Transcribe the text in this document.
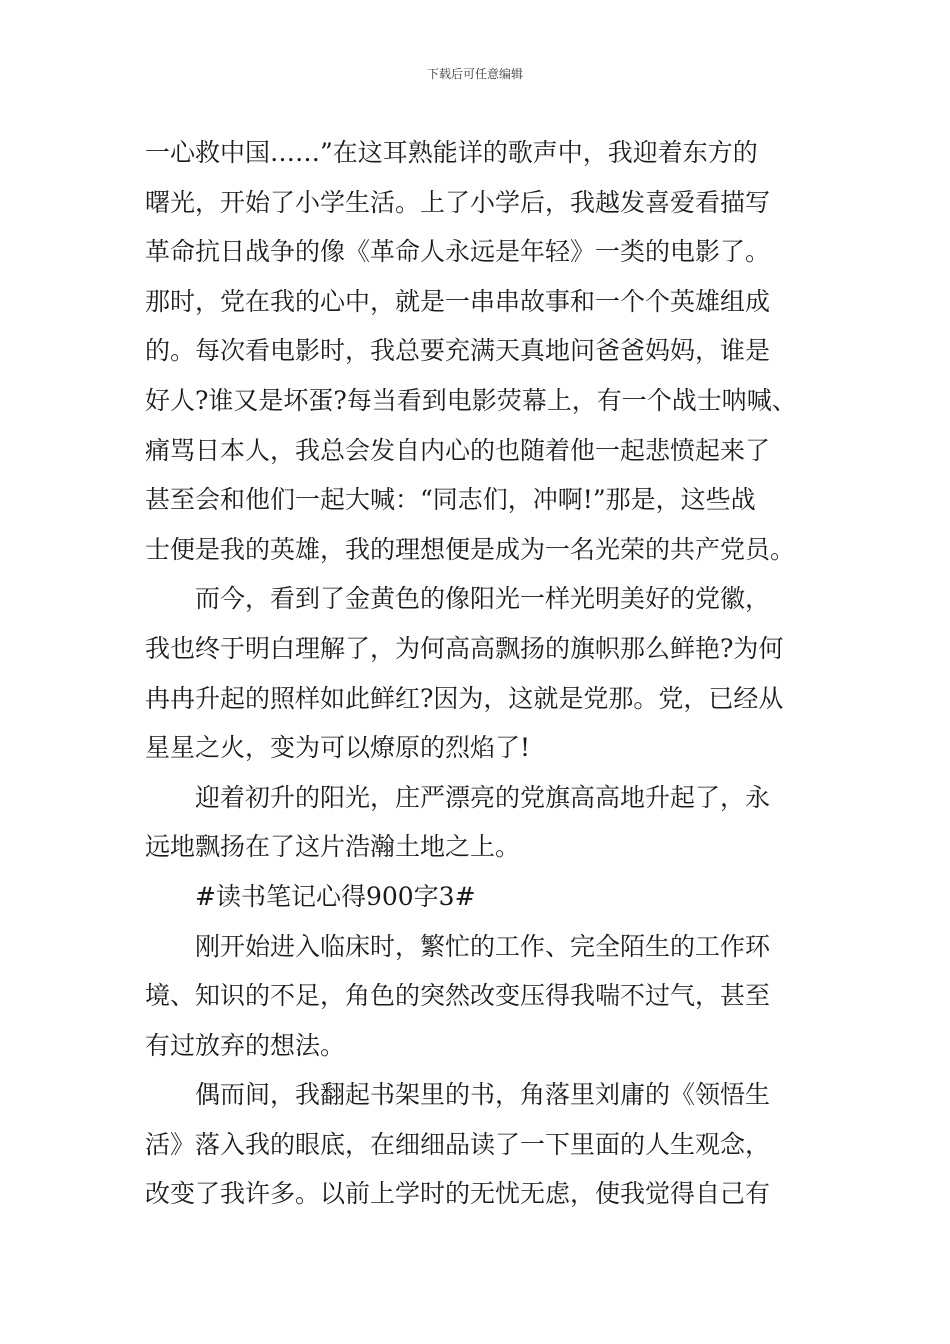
下载后可任意编辑
一心救中国……”在这耳熟能详的歌声中，我迎着东方的
曙光，开始了小学生活。上了小学后，我越发喜爱看描写
革命抗日战争的像《革命人永远是年轻》一类的电影了。
那时，党在我的心中，就是一串串故事和一个个英雄组成
的。每次看电影时，我总要充满天真地问爸爸妈妈，谁是
好人?谁又是坏蛋?每当看到电影荧幕上，有一个战士呐喊、
痛骂日本人，我总会发自内心的也随着他一起悲愤起来了
甚至会和他们一起大喊：“同志们，冲啊!”那是，这些战
士便是我的英雄，我的理想便是成为一名光荣的共产党员。
而今，看到了金黄色的像阳光一样光明美好的党徽，
我也终于明白理解了，为何高高飘扬的旗帜那么鲜艳?为何
冉冉升起的照样如此鲜红?因为，这就是党那。党，已经从
星星之火，变为可以燎原的烈焰了!
迎着初升的阳光，庄严漂亮的党旗高高地升起了，永
远地飘扬在了这片浩瀚土地之上。
#读书笔记心得900字3#
刚开始进入临床时，繁忙的工作、完全陌生的工作环
境、知识的不足，角色的突然改变压得我喘不过气，甚至
有过放弃的想法。
偶而间，我翻起书架里的书，角落里刘庸的《领悟生
活》落入我的眼底，在细细品读了一下里面的人生观念，
改变了我许多。以前上学时的无忧无虑，使我觉得自己有
